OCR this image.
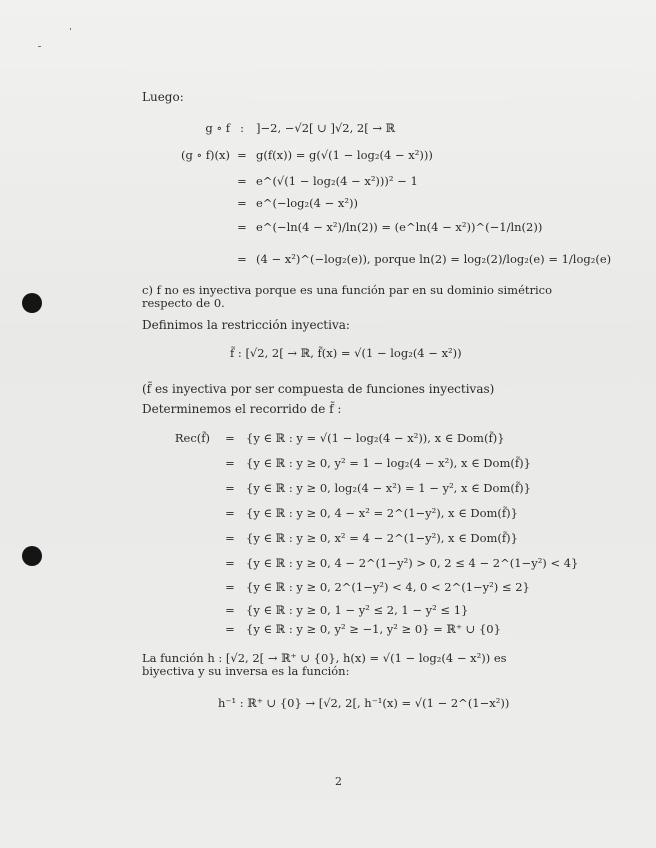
Luego:
g ∘ f :	]−2, −√2[ ∪ ]√2, 2[ → ℝ
(g ∘ f)(x) = g(f(x)) = g(√(1 − log₂(4 − x²)))
= e^(√(1 − log₂(4 − x²)))² − 1
= e^(−log₂(4 − x²))
= e^(−ln(4 − x²)/ln(2)) = (e^ln(4 − x²))^(−1/ln(2))
= (4 − x²)^(−log₂(e)), porque ln(2) = log₂(2)/log₂(e) = 1/log₂(e)
c) f no es inyectiva porque es una función par en su dominio simétrico respecto de 0.
Definimos la restricción inyectiva:
f̃ : [√2, 2[ → ℝ, f̃(x) = √(1 − log₂(4 − x²))
(f̃ es inyectiva por ser compuesta de funciones inyectivas)
Determinemos el recorrido de f̃ :
Rec(f̃) = {y ∈ ℝ : y = √(1 − log₂(4 − x²)), x ∈ Dom(f̃)}
= {y ∈ ℝ : y ≥ 0, y² = 1 − log₂(4 − x²), x ∈ Dom(f̃)}
= {y ∈ ℝ : y ≥ 0, log₂(4 − x²) = 1 − y², x ∈ Dom(f̃)}
= {y ∈ ℝ : y ≥ 0, 4 − x² = 2^(1−y²), x ∈ Dom(f̃)}
= {y ∈ ℝ : y ≥ 0, x² = 4 − 2^(1−y²), x ∈ Dom(f̃)}
= {y ∈ ℝ : y ≥ 0, 4 − 2^(1−y²) > 0, 2 ≤ 4 − 2^(1−y²) < 4}
= {y ∈ ℝ : y ≥ 0, 2^(1−y²) < 4, 0 < 2^(1−y²) ≤ 2}
= {y ∈ ℝ : y ≥ 0, 1 − y² ≤ 2, 1 − y² ≤ 1}
= {y ∈ ℝ : y ≥ 0, y² ≥ −1, y² ≥ 0} = ℝ⁺ ∪ {0}
La función h : [√2, 2[ → ℝ⁺ ∪ {0}, h(x) = √(1 − log₂(4 − x²)) es biyectiva y su inversa es la función:
h⁻¹ : ℝ⁺ ∪ {0} → [√2, 2[, h⁻¹(x) = √(1 − 2^(1−x²))
2
